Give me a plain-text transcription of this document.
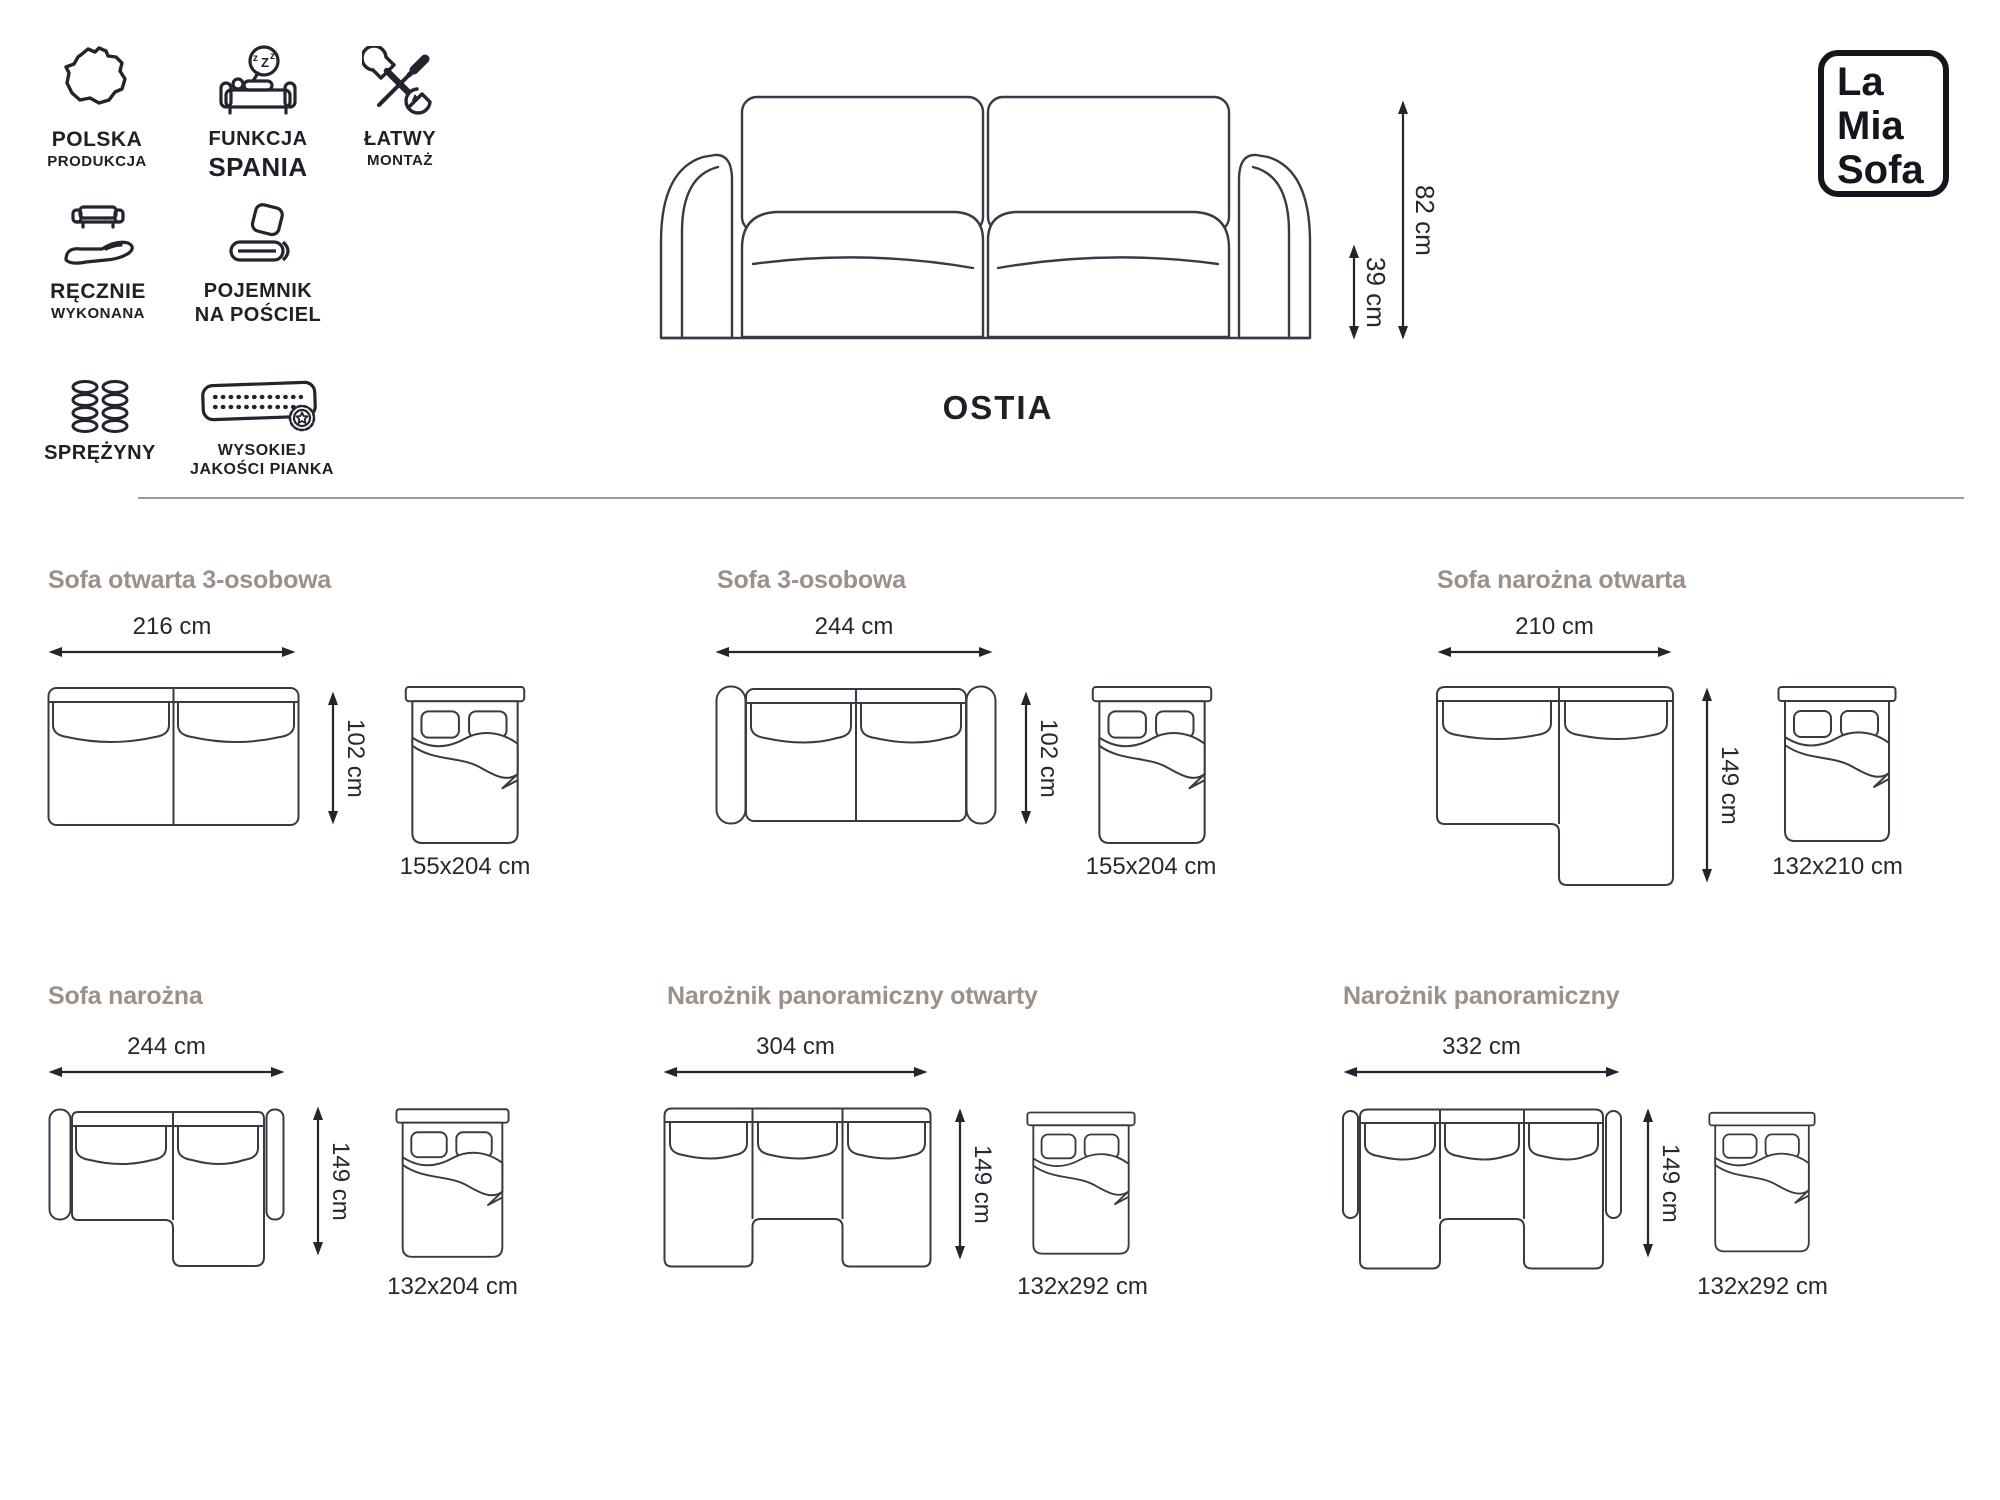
POLSKA
PRODUKCJA
z Z z
FUNKCJA
SPANIA
ŁATWY
MONTAŻ
RĘCZNIE
WYKONANA
POJEMNIK
NA POŚCIEL
SPRĘŻYNY	WYSOKIEJ
JAKOŚCI PIANKA
La
Mia
Sofa
39 cm
82 cm
OSTIA
Sofa otwarta 3-osobowa
216 cm
102 cm
155x204 cm
Sofa 3-osobowa
244 cm
102 cm
155x204 cm
Sofa narożna otwarta
210 cm
149 cm
132x210 cm
Sofa narożna
244 cm
149 cm
132x204 cm
Narożnik panoramiczny otwarty
304 cm
149 cm
132x292 cm
Narożnik panoramiczny
332 cm
149 cm
132x292 cm
